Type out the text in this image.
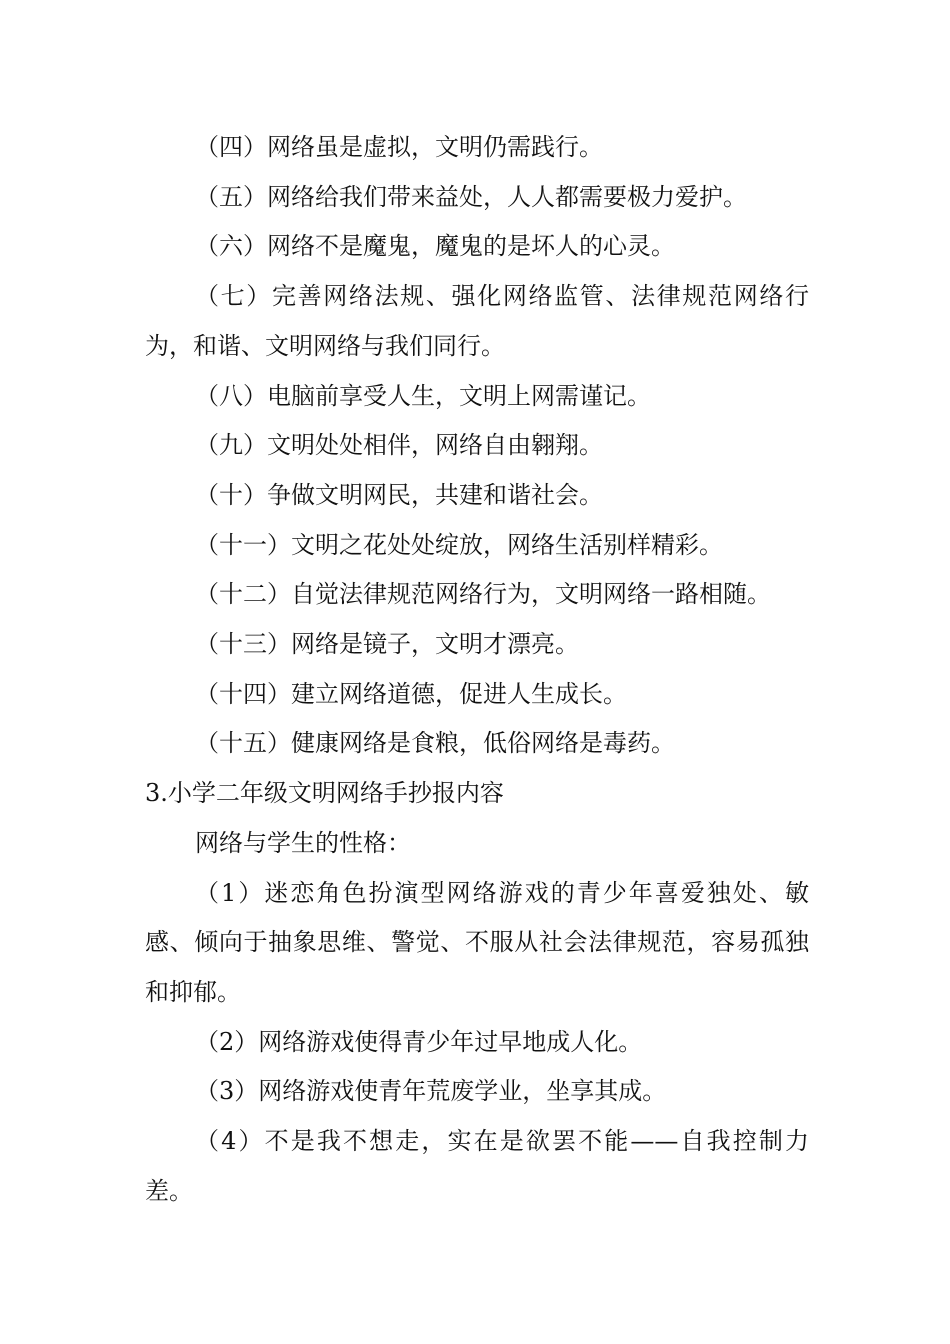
（四）网络虽是虚拟，文明仍需践行。

（五）网络给我们带来益处，人人都需要极力爱护。

（六）网络不是魔鬼，魔鬼的是坏人的心灵。

（七）完善网络法规、强化网络监管、法律规范网络行为，和谐、文明网络与我们同行。

（八）电脑前享受人生，文明上网需谨记。

（九）文明处处相伴，网络自由翱翔。

（十）争做文明网民，共建和谐社会。

（十一）文明之花处处绽放，网络生活别样精彩。

（十二）自觉法律规范网络行为，文明网络一路相随。

（十三）网络是镜子，文明才漂亮。

（十四）建立网络道德，促进人生成长。

（十五）健康网络是食粮，低俗网络是毒药。

3.小学二年级文明网络手抄报内容

网络与学生的性格：

（1）迷恋角色扮演型网络游戏的青少年喜爱独处、敏感、倾向于抽象思维、警觉、不服从社会法律规范，容易孤独和抑郁。

（2）网络游戏使得青少年过早地成人化。

（3）网络游戏使青年荒废学业，坐享其成。

（4）不是我不想走，实在是欲罢不能——自我控制力差。
